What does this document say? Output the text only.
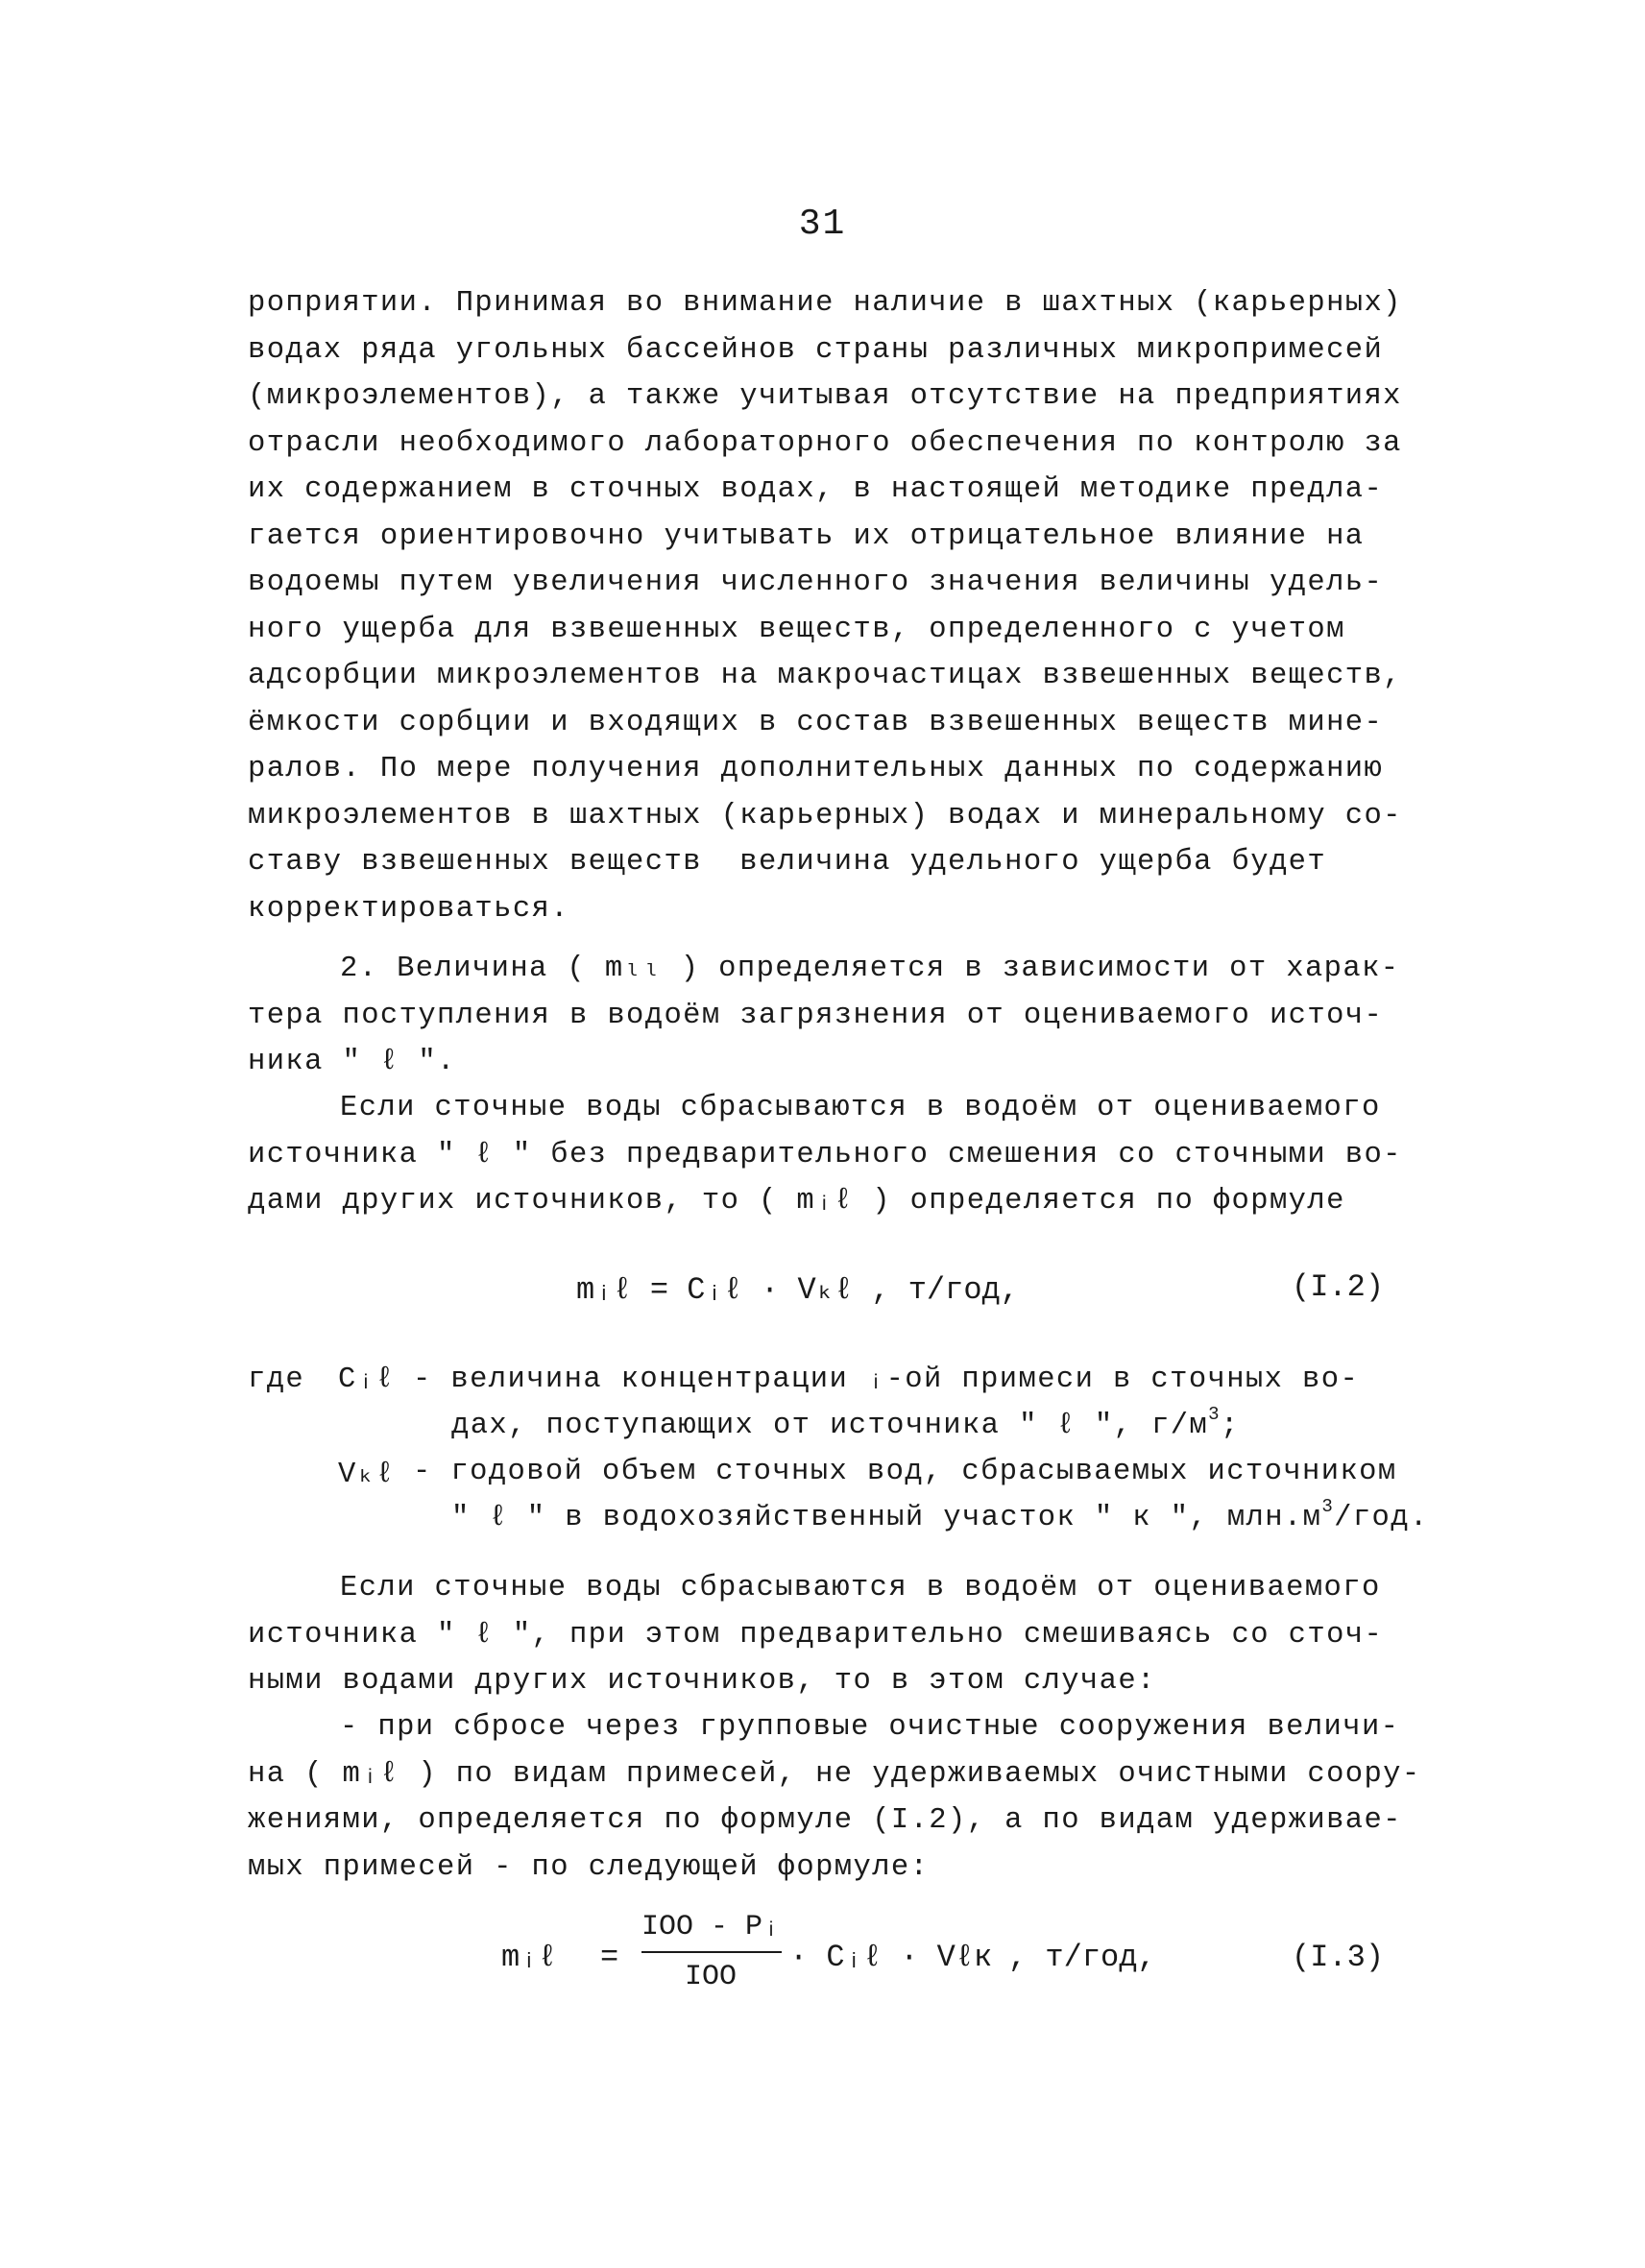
31
роприятии. Принимая во внимание наличие в шахтных (карьерных)
водах ряда угольных бассейнов страны различных микропримесей
(микроэлементов), а также учитывая отсутствие на предприятиях
отрасли необходимого лабораторного обеспечения по контролю за
их содержанием в сточных водах, в настоящей методике предла-
гается ориентировочно учитывать их отрицательное влияние на
водоемы путем увеличения численного значения величины удель-
ного ущерба для взвешенных веществ, определенного с учетом
адсорбции микроэлементов на макрочастицах взвешенных веществ,
ёмкости сорбции и входящих в состав взвешенных веществ мине-
ралов. По мере получения дополнительных данных по содержанию
микроэлементов в шахтных (карьерных) водах и минеральному со-
ставу взвешенных веществ  величина удельного ущерба будет
корректироваться.
2. Величина ( mₗₗ ) определяется в зависимости от харак-
тера поступления в водоём загрязнения от оцениваемого источ-
ника " ℓ ".
Если сточные воды сбрасываются в водоём от оцениваемого
источника " ℓ " без предварительного смешения со сточными во-
дами других источников, то ( mᵢℓ ) определяется по формуле
mᵢℓ = Cᵢℓ · Vₖℓ , т/год,	(I.2)
где Cᵢℓ - величина концентрации ᵢ-ой примеси в сточных во-
дах, поступающих от источника " ℓ ", $г/м^3$;
Vₖℓ - годовой объем сточных вод, сбрасываемых источником
" ℓ " в водохозяйственный участок " к ", $млн.м^3$/год.
Если сточные воды сбрасываются в водоём от оцениваемого
источника " ℓ ", при этом предварительно смешиваясь со сточ-
ными водами других источников, то в этом случае:
- при сбросе через групповые очистные сооружения величи-
на ( mᵢℓ ) по видам примесей, не удерживаемых очистными соору-
жениями, определяется по формуле (I.2), а по видам удерживае-
мых примесей - по следующей формуле:
mᵢℓ =
IOO - Pᵢ
IOO
· Cᵢℓ · Vℓк , т/год,	(I.3)
